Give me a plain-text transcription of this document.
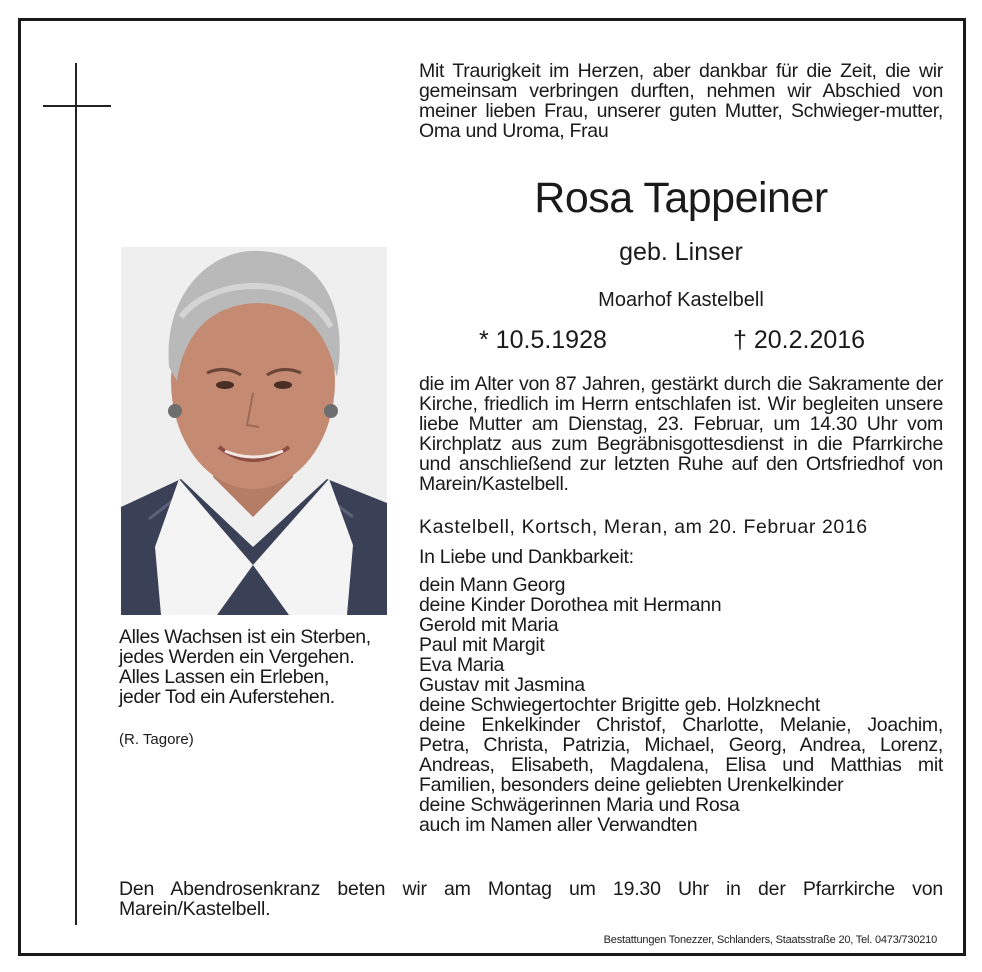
Mit Traurigkeit im Herzen, aber dankbar für die Zeit, die wir gemeinsam verbringen durften, nehmen wir Abschied von meiner lieben Frau, unserer guten Mutter, Schwieger-mutter, Oma und Uroma, Frau

Rosa Tappeiner
geb. Linser
Moarhof Kastelbell
* 10.5.1928	† 20.2.2016

die im Alter von 87 Jahren, gestärkt durch die Sakramente der Kirche, friedlich im Herrn entschlafen ist. Wir begleiten unsere liebe Mutter am Dienstag, 23. Februar, um 14.30 Uhr vom Kirchplatz aus zum Begräbnisgottesdienst in die Pfarrkirche und anschließend zur letzten Ruhe auf den Ortsfriedhof von Marein/Kastelbell.

Kastelbell, Kortsch, Meran, am 20. Februar 2016
In Liebe und Dankbarkeit:
dein Mann Georg
deine Kinder Dorothea mit Hermann
Gerold mit Maria
Paul mit Margit
Eva Maria
Gustav mit Jasmina
deine Schwiegertochter Brigitte geb. Holzknecht
deine Enkelkinder Christof, Charlotte, Melanie, Joachim, Petra, Christa, Patrizia, Michael, Georg, Andrea, Lorenz, Andreas, Elisabeth, Magdalena, Elisa und Matthias mit Familien, besonders deine geliebten Urenkelkinder
deine Schwägerinnen Maria und Rosa
auch im Namen aller Verwandten
Alles Wachsen ist ein Sterben,
jedes Werden ein Vergehen.
Alles Lassen ein Erleben,
jeder Tod ein Auferstehen.
(R. Tagore)

Den Abendrosenkranz beten wir am Montag um 19.30 Uhr in der Pfarrkirche von Marein/Kastelbell.

Bestattungen Tonezzer, Schlanders, Staatsstraße 20, Tel. 0473/730210
